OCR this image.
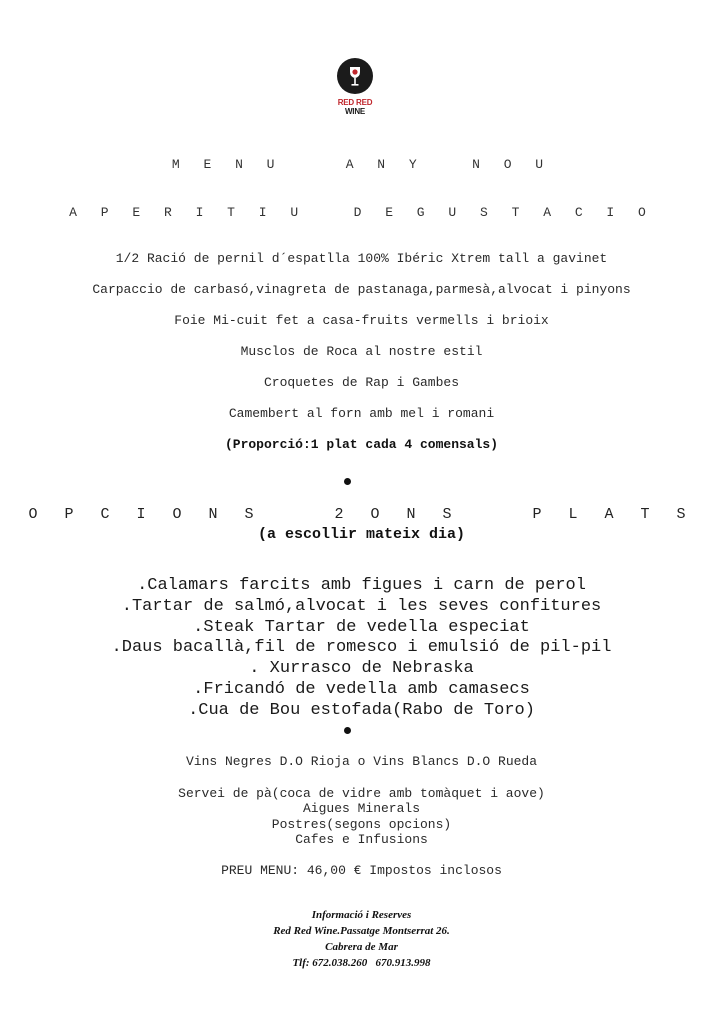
RED RED WINE
M E N U    A N Y   N O U
A P E R I T I U   D E G U S T A C I O
1/2 Ració de pernil d´espatlla 100% Ibéric Xtrem tall a gavinet
Carpaccio de carbasó,vinagreta de pastanaga,parmesà,alvocat i pinyons
Foie Mi-cuit fet a casa-fruits vermells i brioix
Musclos de Roca al nostre estil
Croquetes de Rap i Gambes
Camembert al forn amb mel i romani
(Proporció:1 plat cada 4 comensals)
O P C I O N S    2 O N S    P L A T S
(a escollir mateix dia)
.Calamars farcits amb figues i carn de perol
.Tartar de salmó,alvocat i les seves confitures
.Steak Tartar de vedella especiat
.Daus bacallà,fil de romesco i emulsió de pil-pil
. Xurrasco de Nebraska
.Fricandó de vedella amb camasecs
.Cua de Bou estofada(Rabo de Toro)
Vins Negres D.O Rioja o Vins Blancs D.O Rueda
Servei de pà(coca de vidre amb tomàquet i aove)
Aigues Minerals
Postres(segons opcions)
Cafes e Infusions
PREU MENU: 46,00 € Impostos inclosos
Informació i Reserves
Red Red Wine.Passatge Montserrat 26.
Cabrera de Mar
Tlf: 672.038.260   670.913.998
